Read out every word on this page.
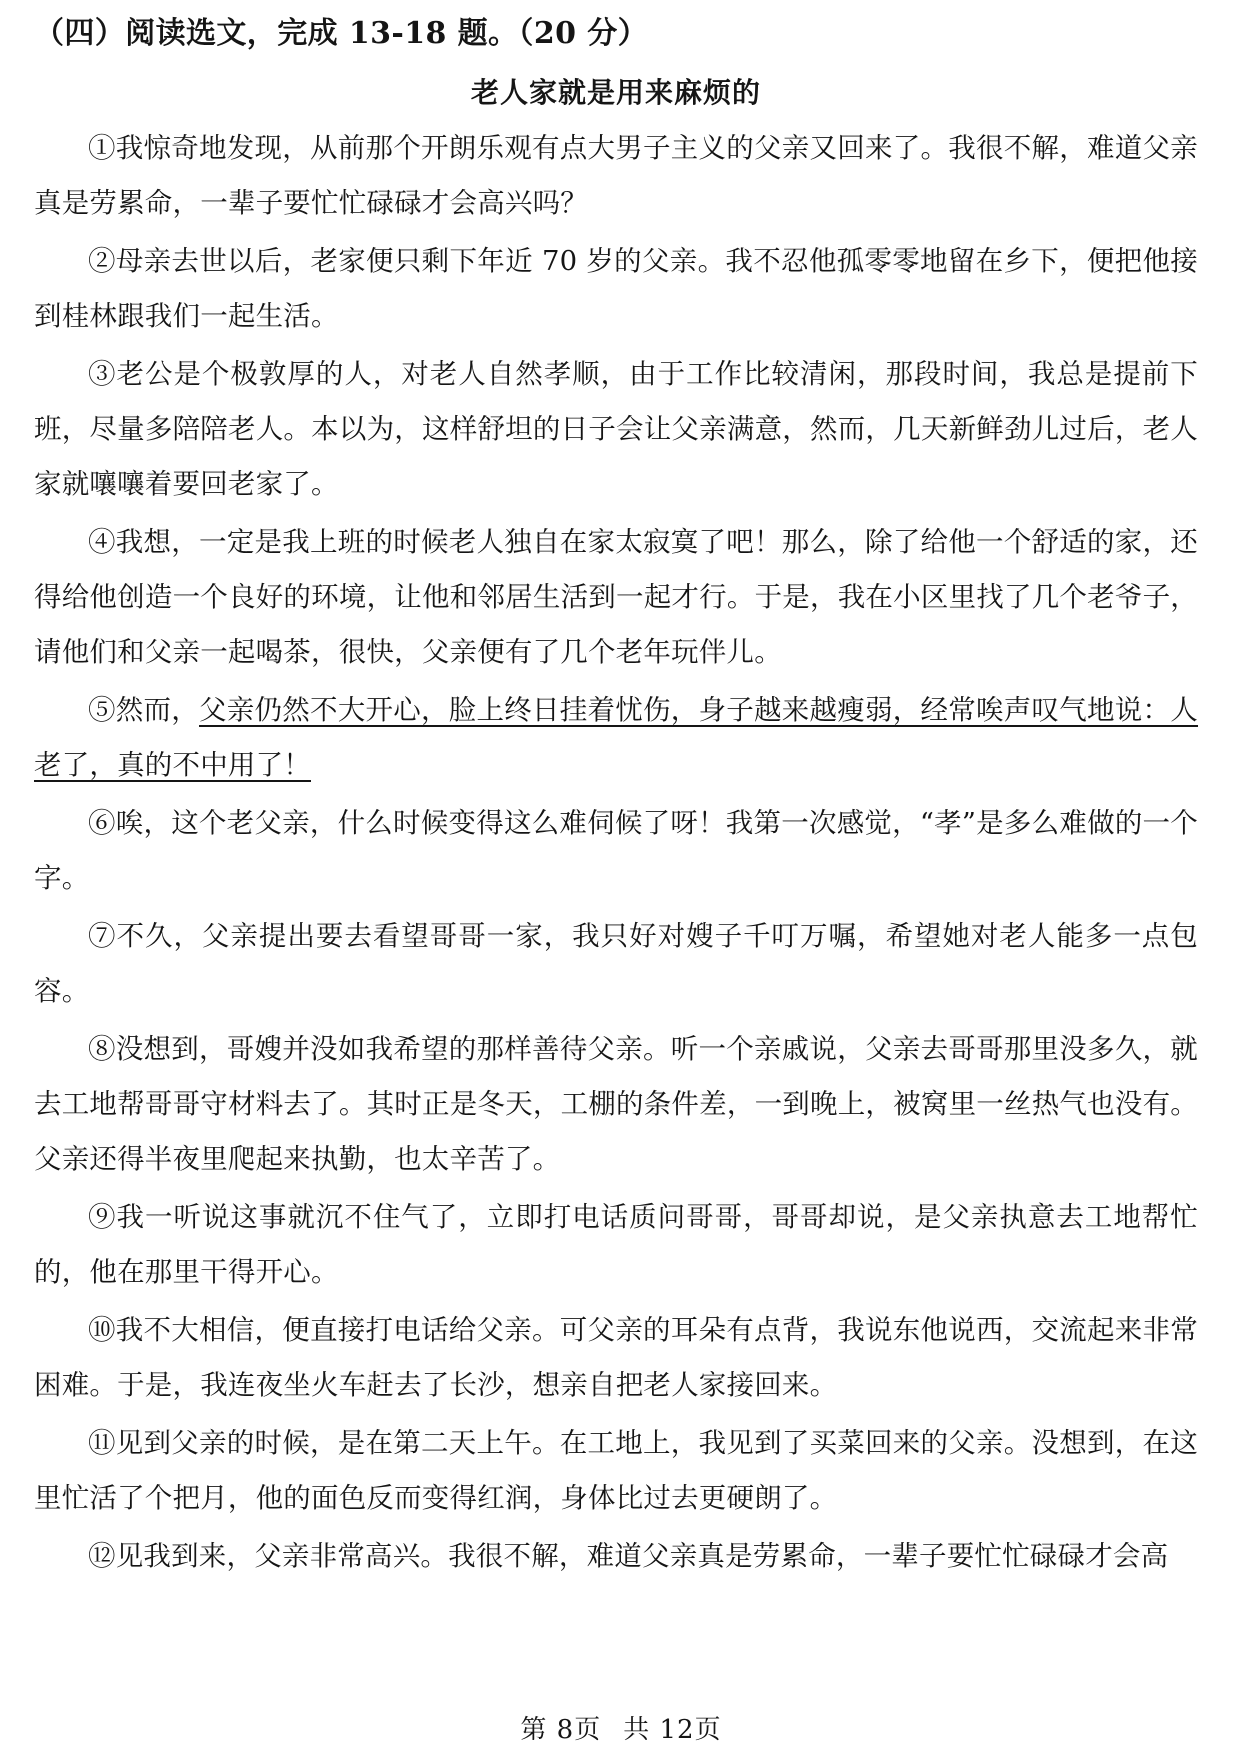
（四）阅读选文，完成 13-18 题。（20 分）
老人家就是用来麻烦的

①我惊奇地发现，从前那个开朗乐观有点大男子主义的父亲又回来了。我很不解，难道父亲真是劳累命，一辈子要忙忙碌碌才会高兴吗？

②母亲去世以后，老家便只剩下年近 70 岁的父亲。我不忍他孤零零地留在乡下，便把他接到桂林跟我们一起生活。

③老公是个极敦厚的人，对老人自然孝顺，由于工作比较清闲，那段时间，我总是提前下班，尽量多陪陪老人。本以为，这样舒坦的日子会让父亲满意，然而，几天新鲜劲儿过后，老人家就嚷嚷着要回老家了。

④我想，一定是我上班的时候老人独自在家太寂寞了吧！那么，除了给他一个舒适的家，还得给他创造一个良好的环境，让他和邻居生活到一起才行。于是，我在小区里找了几个老爷子，请他们和父亲一起喝茶，很快，父亲便有了几个老年玩伴儿。

⑤然而，父亲仍然不大开心，脸上终日挂着忧伤，身子越来越瘦弱，经常唉声叹气地说：人老了，真的不中用了！

⑥唉，这个老父亲，什么时候变得这么难伺候了呀！我第一次感觉，“孝”是多么难做的一个字。

⑦不久，父亲提出要去看望哥哥一家，我只好对嫂子千叮万嘱，希望她对老人能多一点包容。

⑧没想到，哥嫂并没如我希望的那样善待父亲。听一个亲戚说，父亲去哥哥那里没多久，就去工地帮哥哥守材料去了。其时正是冬天，工棚的条件差，一到晚上，被窝里一丝热气也没有。父亲还得半夜里爬起来执勤，也太辛苦了。

⑨我一听说这事就沉不住气了，立即打电话质问哥哥，哥哥却说，是父亲执意去工地帮忙的，他在那里干得开心。

⑩我不大相信，便直接打电话给父亲。可父亲的耳朵有点背，我说东他说西，交流起来非常困难。于是，我连夜坐火车赶去了长沙，想亲自把老人家接回来。

⑪见到父亲的时候，是在第二天上午。在工地上，我见到了买菜回来的父亲。没想到，在这里忙活了个把月，他的面色反而变得红润，身体比过去更硬朗了。

⑫见我到来，父亲非常高兴。我很不解，难道父亲真是劳累命，一辈子要忙忙碌碌才会高

第 8页 共 12页
